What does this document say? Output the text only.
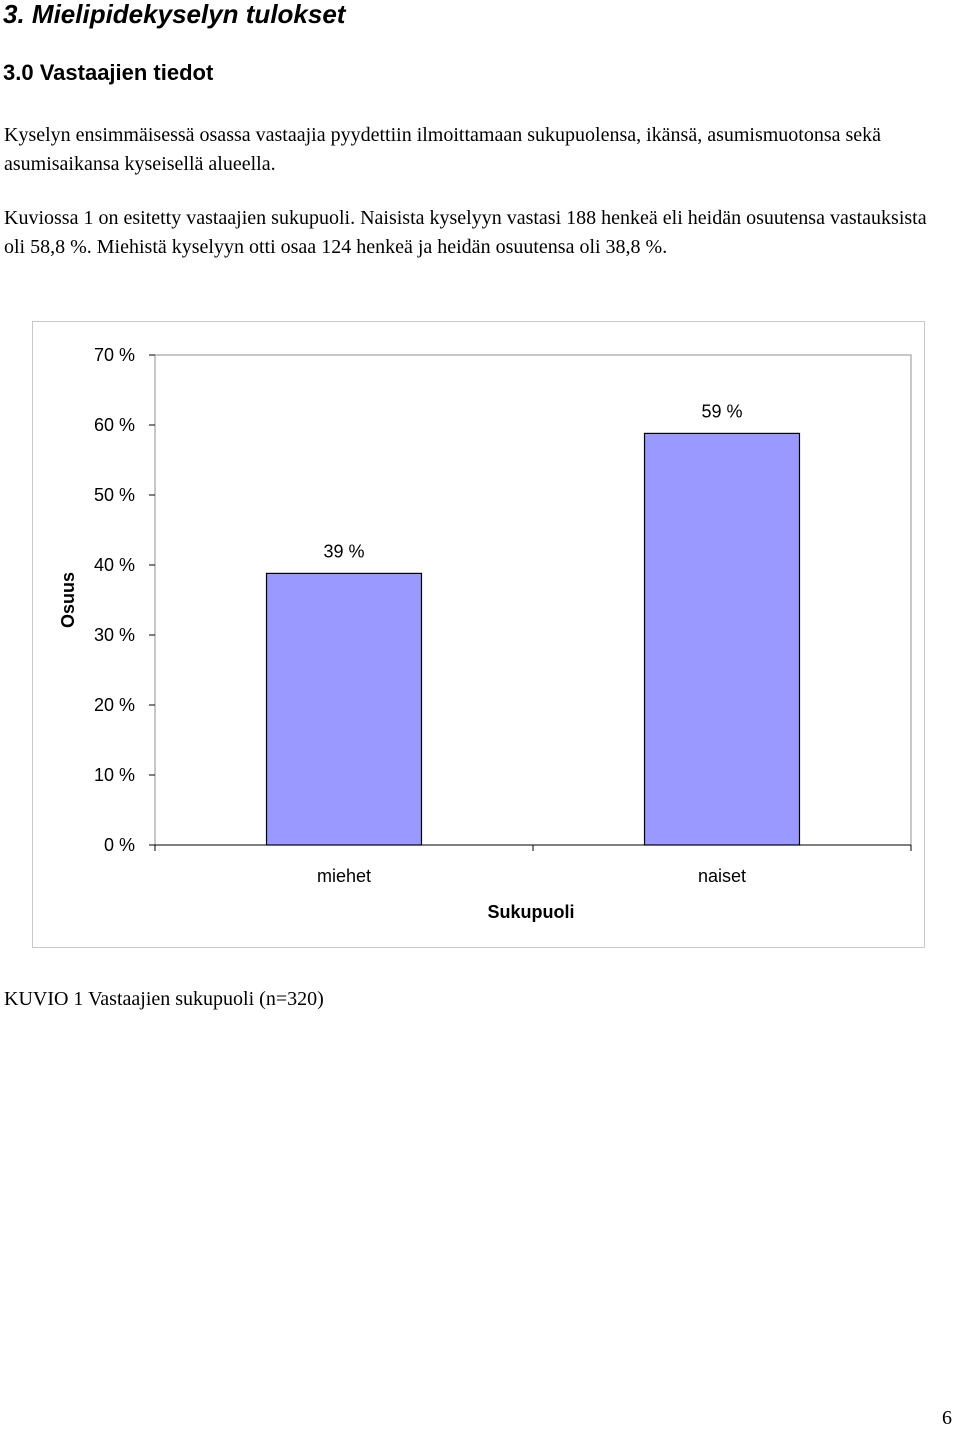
3. Mielipidekyselyn tulokset
3.0 Vastaajien tiedot

Kyselyn ensimmäisessä osassa vastaajia pyydettiin ilmoittamaan sukupuolensa, ikänsä, asumismuotonsa sekä asumisaikansa kyseisellä alueella.

Kuviossa 1 on esitetty vastaajien sukupuoli. Naisista kyselyyn vastasi 188 henkeä eli heidän osuutensa vastauksista oli 58,8 %. Miehistä kyselyyn otti osaa 124 henkeä ja heidän osuutensa oli 38,8 %.

0 %
10 %
20 %
30 %
40 %
50 %
60 %
70 %
39 %
miehet
59 %
naiset
Sukupuoli
Osuus
KUVIO 1 Vastaajien sukupuoli (n=320)
6
